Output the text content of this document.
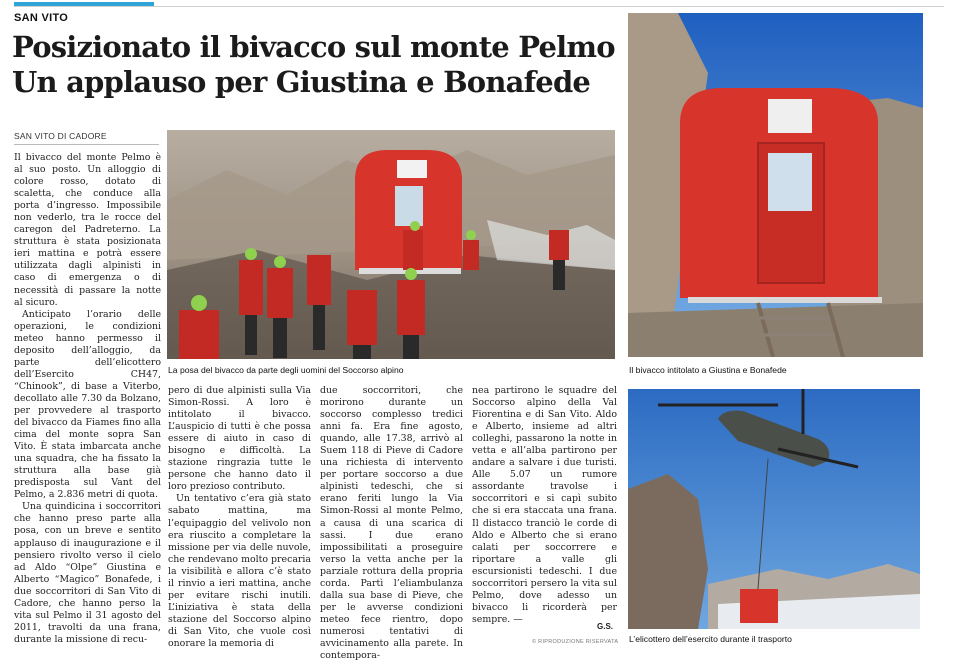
SAN VITO
Posizionato il bivacco sul monte Pelmo
Un applauso per Giustina e Bonafede
SAN VITO DI CADORE
La posa del bivacco da parte degli uomini del Soccorso alpino	Il bivacco intitolato a Giustina e Bonafede
L’elicottero dell’esercito durante il trasporto

Il bivacco del monte Pelmo è al suo posto. Un alloggio di colore rosso, dotato di scaletta, che conduce alla porta d’ingresso. Impossibile non vederlo, tra le rocce del caregon del Padreterno. La struttura è stata posizionata ieri mattina e potrà essere utilizzata dagli alpinisti in caso di emergenza o di necessità di passare la notte al sicuro.

Anticipato l’orario delle operazioni, le condizioni meteo hanno permesso il deposito dell’alloggio, da parte dell’elicottero dell’Esercito CH47, “Chinook”, di base a Viterbo, decollato alle 7.30 da Bolzano, per provvedere al trasporto del bivacco da Fiames fino alla cima del monte sopra San Vito. È stata imbarcata anche una squadra, che ha fissato la struttura alla base già predisposta sul Vant del Pelmo, a 2.836 metri di quota.

Una quindicina i soccorritori che hanno preso parte alla posa, con un breve e sentito applauso di inaugurazione e il pensiero rivolto verso il cielo ad Aldo “Olpe” Giustina e Alberto “Magico” Bonafede, i due soccorritori di San Vito di Cadore, che hanno perso la vita sul Pelmo il 31 agosto del 2011, travolti da una frana, durante la missione di recu-

pero di due alpinisti sulla Via Simon-Rossi. A loro è intitolato il bivacco. L’auspicio di tutti è che possa essere di aiuto in caso di bisogno e difficoltà. La stazione ringrazia tutte le persone che hanno dato il loro prezioso contributo.

Un tentativo c’era già stato sabato mattina, ma l’equipaggio del velivolo non era riuscito a completare la missione per via delle nuvole, che rendevano molto precaria la visibilità e allora c’è stato il rinvio a ieri mattina, anche per evitare rischi inutili. L’iniziativa è stata della stazione del Soccorso alpino di San Vito, che vuole così onorare la memoria di

due soccorritori, che morirono durante un soccorso complesso tredici anni fa. Era fine agosto, quando, alle 17.38, arrivò al Suem 118 di Pieve di Cadore una richiesta di intervento per portare soccorso a due alpinisti tedeschi, che si erano feriti lungo la Via Simon-Rossi al monte Pelmo, a causa di una scarica di sassi. I due erano impossibilitati a proseguire verso la vetta anche per la parziale rottura della propria corda. Partì l’eliambulanza dalla sua base di Pieve, che per le avverse condizioni meteo fece rientro, dopo numerosi tentativi di avvicinamento alla parete. In contempora-

nea partirono le squadre del Soccorso alpino della Val Fiorentina e di San Vito. Aldo e Alberto, insieme ad altri colleghi, passarono la notte in vetta e all’alba partirono per andare a salvare i due turisti. Alle 5.07 un rumore assordante travolse i soccorritori e si capì subito che si era staccata una frana. Il distacco tranciò le corde di Aldo e Alberto che si erano calati per soccorrere e riportare a valle gli escursionisti tedeschi. I due soccorritori persero la vita sul Pelmo, dove adesso un bivacco li ricorderà per sempre. —

G.S.
© RIPRODUZIONE RISERVATA
